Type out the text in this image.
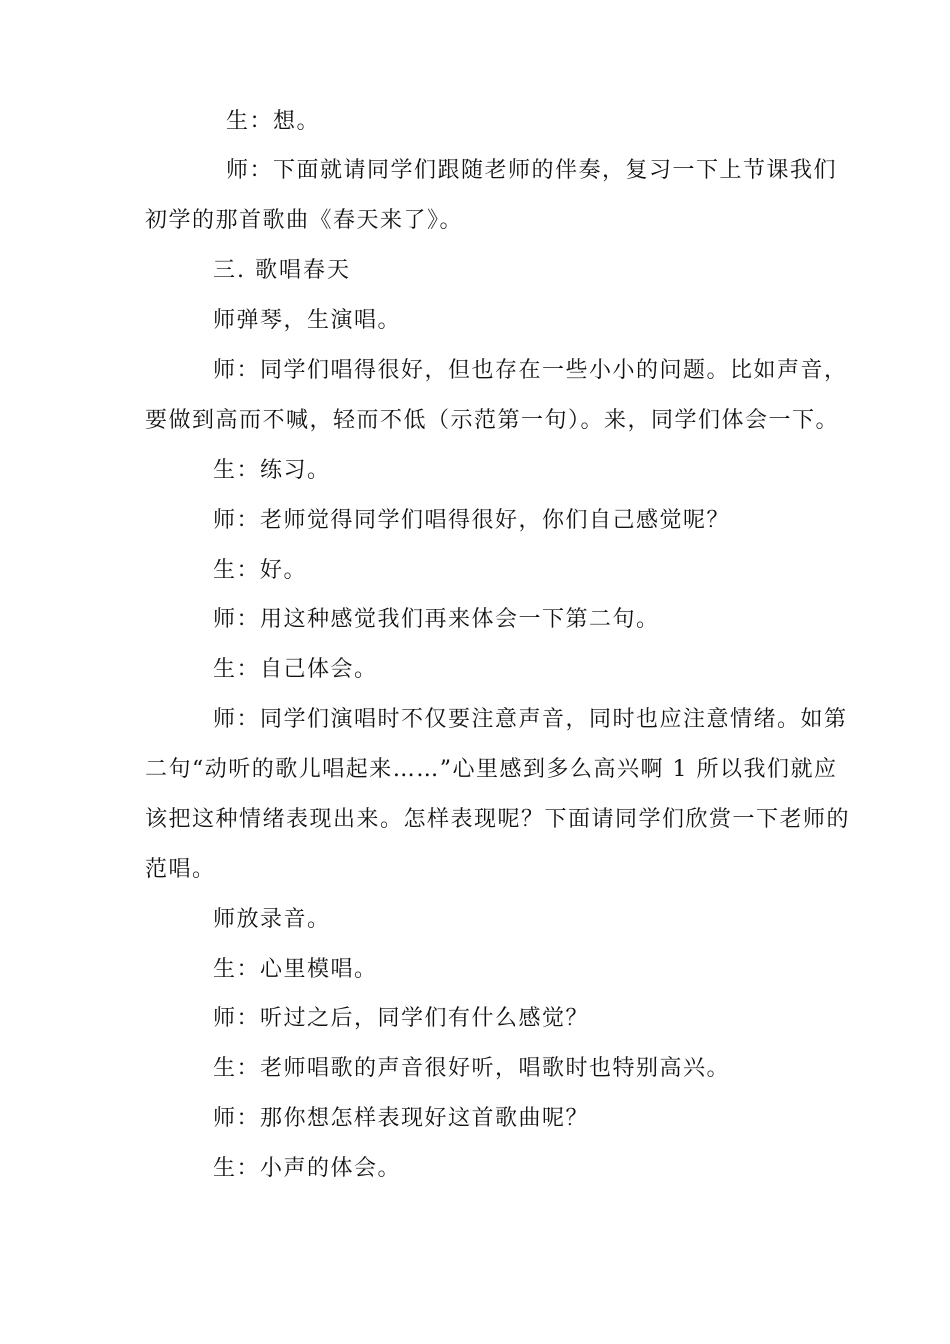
生：想。
师：下面就请同学们跟随老师的伴奏，复习一下上节课我们
初学的那首歌曲《春天来了》。
三. 歌唱春天
师弹琴，生演唱。
师：同学们唱得很好，但也存在一些小小的问题。比如声音，
要做到高而不喊，轻而不低（示范第一句）。来，同学们体会一下。
生：练习。
师：老师觉得同学们唱得很好，你们自己感觉呢？
生：好。
师：用这种感觉我们再来体会一下第二句。
生：自己体会。
师：同学们演唱时不仅要注意声音，同时也应注意情绪。如第
二句“动听的歌儿唱起来……”心里感到多么高兴啊 1 所以我们就应
该把这种情绪表现出来。怎样表现呢？下面请同学们欣赏一下老师的
范唱。
师放录音。
生：心里模唱。
师：听过之后，同学们有什么感觉？
生：老师唱歌的声音很好听，唱歌时也特别高兴。
师：那你想怎样表现好这首歌曲呢？
生：小声的体会。
